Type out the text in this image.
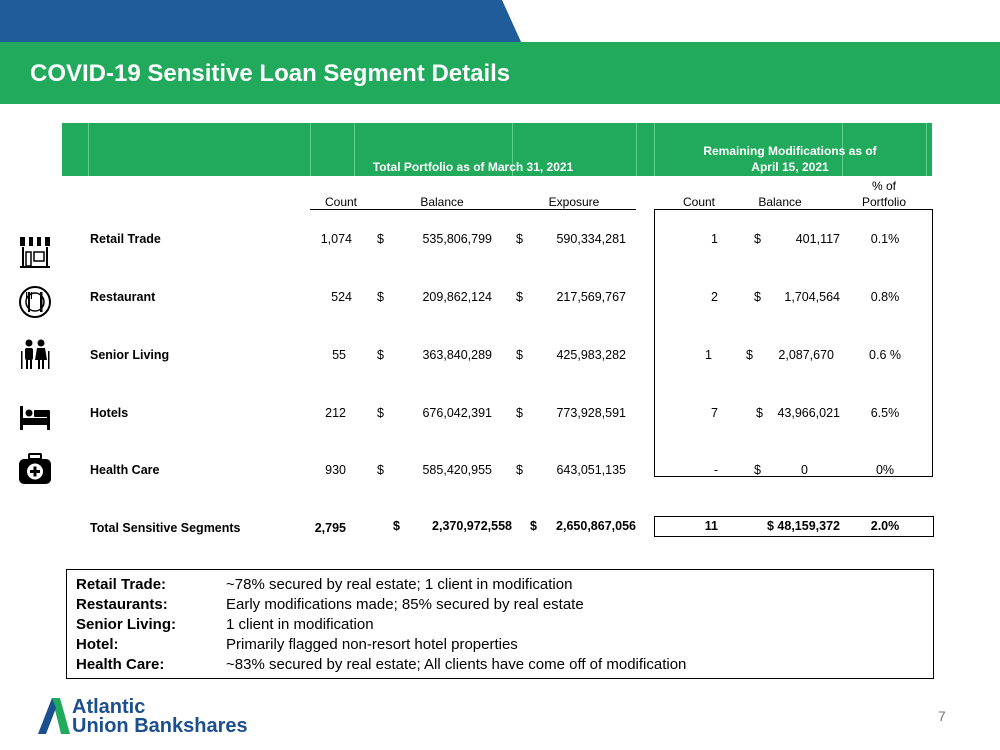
COVID-19 Sensitive Loan Segment Details
Total Portfolio as of March 31, 2021
Remaining Modifications as of
April 15, 2021
Count	Balance	Exposure	Count	Balance
% of
Portfolio
Retail Trade	1,074 $	535,806,799 $	590,334,281	1	$	401,117	0.1%
Restaurant	524 $	209,862,124 $	217,569,767	2	$	1,704,564	0.8%
Senior Living	55 $	363,840,289 $	425,983,282	1	$	2,087,670	0.6 %
Hotels	212 $	676,042,391 $	773,928,591	7	$	43,966,021	6.5%
Health Care	930 $	585,420,955 $	643,051,135	-	$	0	0%
Total Sensitive Segments	2,795	$	2,370,972,558 $	2,650,867,056	11	$ 48,159,372	2.0%
Retail Trade:	~78% secured by real estate; 1 client in modification
Restaurants:	Early modifications made; 85% secured by real estate
Senior Living:	1 client in modification
Hotel:	Primarily flagged non-resort hotel properties
Health Care:	~83% secured by real estate; All clients have come off of modification
Atlantic
Union Bankshares	7
